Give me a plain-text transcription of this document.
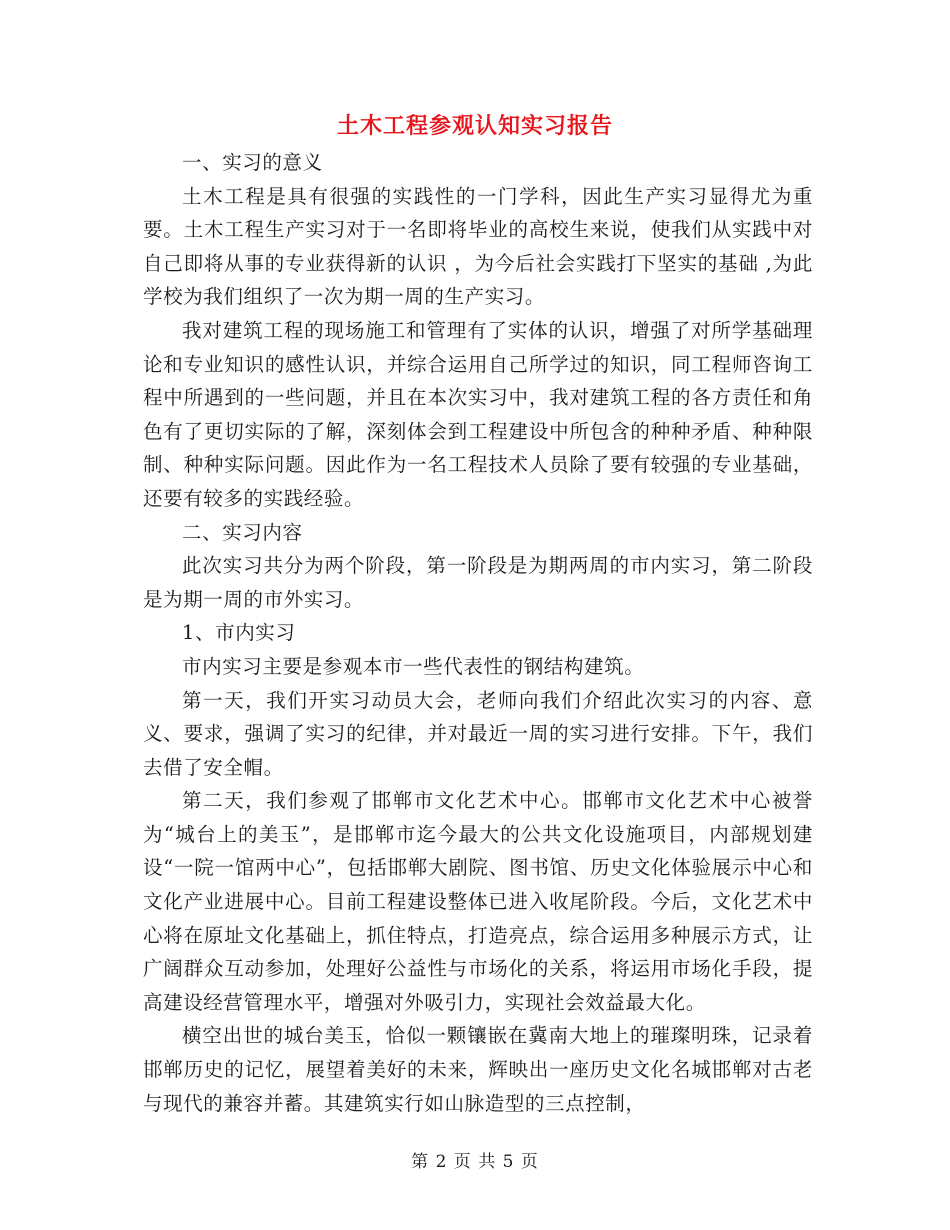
土木工程参观认知实习报告

一、实习的意义

土木工程是具有很强的实践性的一门学科，因此生产实习显得尤为重要。土木工程生产实习对于一名即将毕业的高校生来说，使我们从实践中对自己即将从事的专业获得新的认识 ，为今后社会实践打下坚实的基础 ,为此学校为我们组织了一次为期一周的生产实习。

我对建筑工程的现场施工和管理有了实体的认识，增强了对所学基础理论和专业知识的感性认识，并综合运用自己所学过的知识，同工程师咨询工程中所遇到的一些问题，并且在本次实习中，我对建筑工程的各方责任和角色有了更切实际的了解，深刻体会到工程建设中所包含的种种矛盾、种种限制、种种实际问题。因此作为一名工程技术人员除了要有较强的专业基础，还要有较多的实践经验。

二、实习内容

此次实习共分为两个阶段，第一阶段是为期两周的市内实习，第二阶段是为期一周的市外实习。

1、市内实习

市内实习主要是参观本市一些代表性的钢结构建筑。

第一天，我们开实习动员大会，老师向我们介绍此次实习的内容、意义、要求，强调了实习的纪律，并对最近一周的实习进行安排。下午，我们去借了安全帽。

第二天，我们参观了邯郸市文化艺术中心。邯郸市文化艺术中心被誉为“城台上的美玉”，是邯郸市迄今最大的公共文化设施项目，内部规划建设“一院一馆两中心”，包括邯郸大剧院、图书馆、历史文化体验展示中心和文化产业进展中心。目前工程建设整体已进入收尾阶段。今后，文化艺术中心将在原址文化基础上，抓住特点，打造亮点，综合运用多种展示方式，让广阔群众互动参加，处理好公益性与市场化的关系，将运用市场化手段，提高建设经营管理水平，增强对外吸引力，实现社会效益最大化。

横空出世的城台美玉，恰似一颗镶嵌在冀南大地上的璀璨明珠，记录着邯郸历史的记忆，展望着美好的未来，辉映出一座历史文化名城邯郸对古老与现代的兼容并蓄。其建筑实行如山脉造型的三点控制，

第 2 页 共 5 页
